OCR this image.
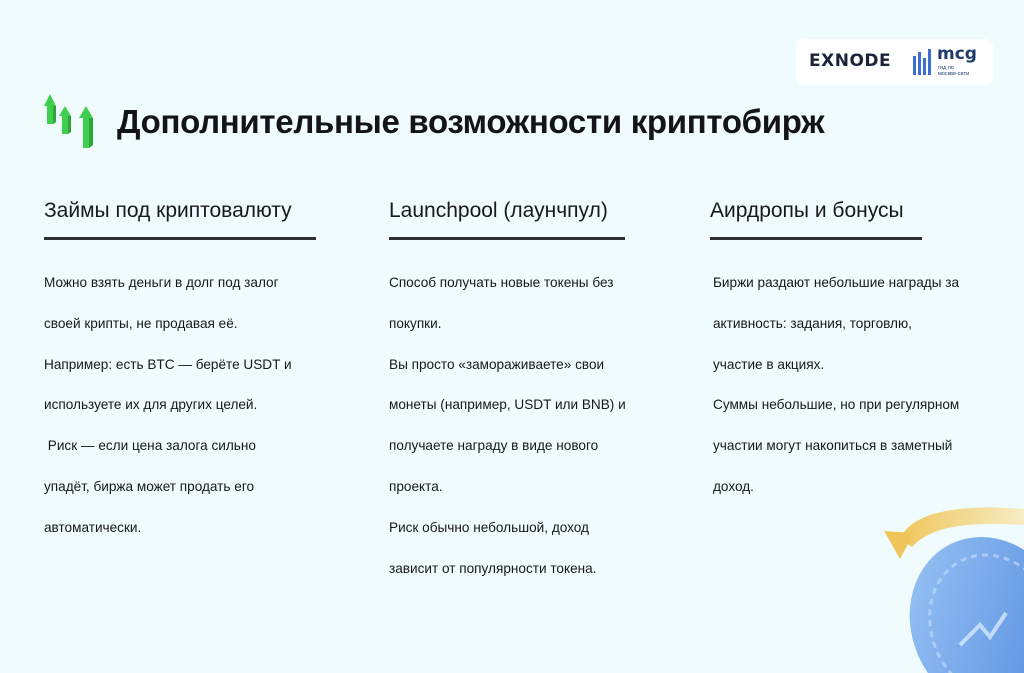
EXNODE	mcg
гид по
москве-сити
Дополнительные возможности криптобирж
Займы под криптовалюту

Можно взять деньги в долг под залог

своей крипты, не продавая её.

Например: есть BTC — берёте USDT и

используете их для других целей.

Риск — если цена залога сильно

упадёт, биржа может продать его

автоматически.

Launchpool (лаунчпул)

Способ получать новые токены без

покупки.

Вы просто «замораживаете» свои

монеты (например, USDT или BNB) и

получаете награду в виде нового

проекта.

Риск обычно небольшой, доход

зависит от популярности токена.

Аирдропы и бонусы

Биржи раздают небольшие награды за

активность: задания, торговлю,

участие в акциях.

Суммы небольшие, но при регулярном

участии могут накопиться в заметный

доход.
